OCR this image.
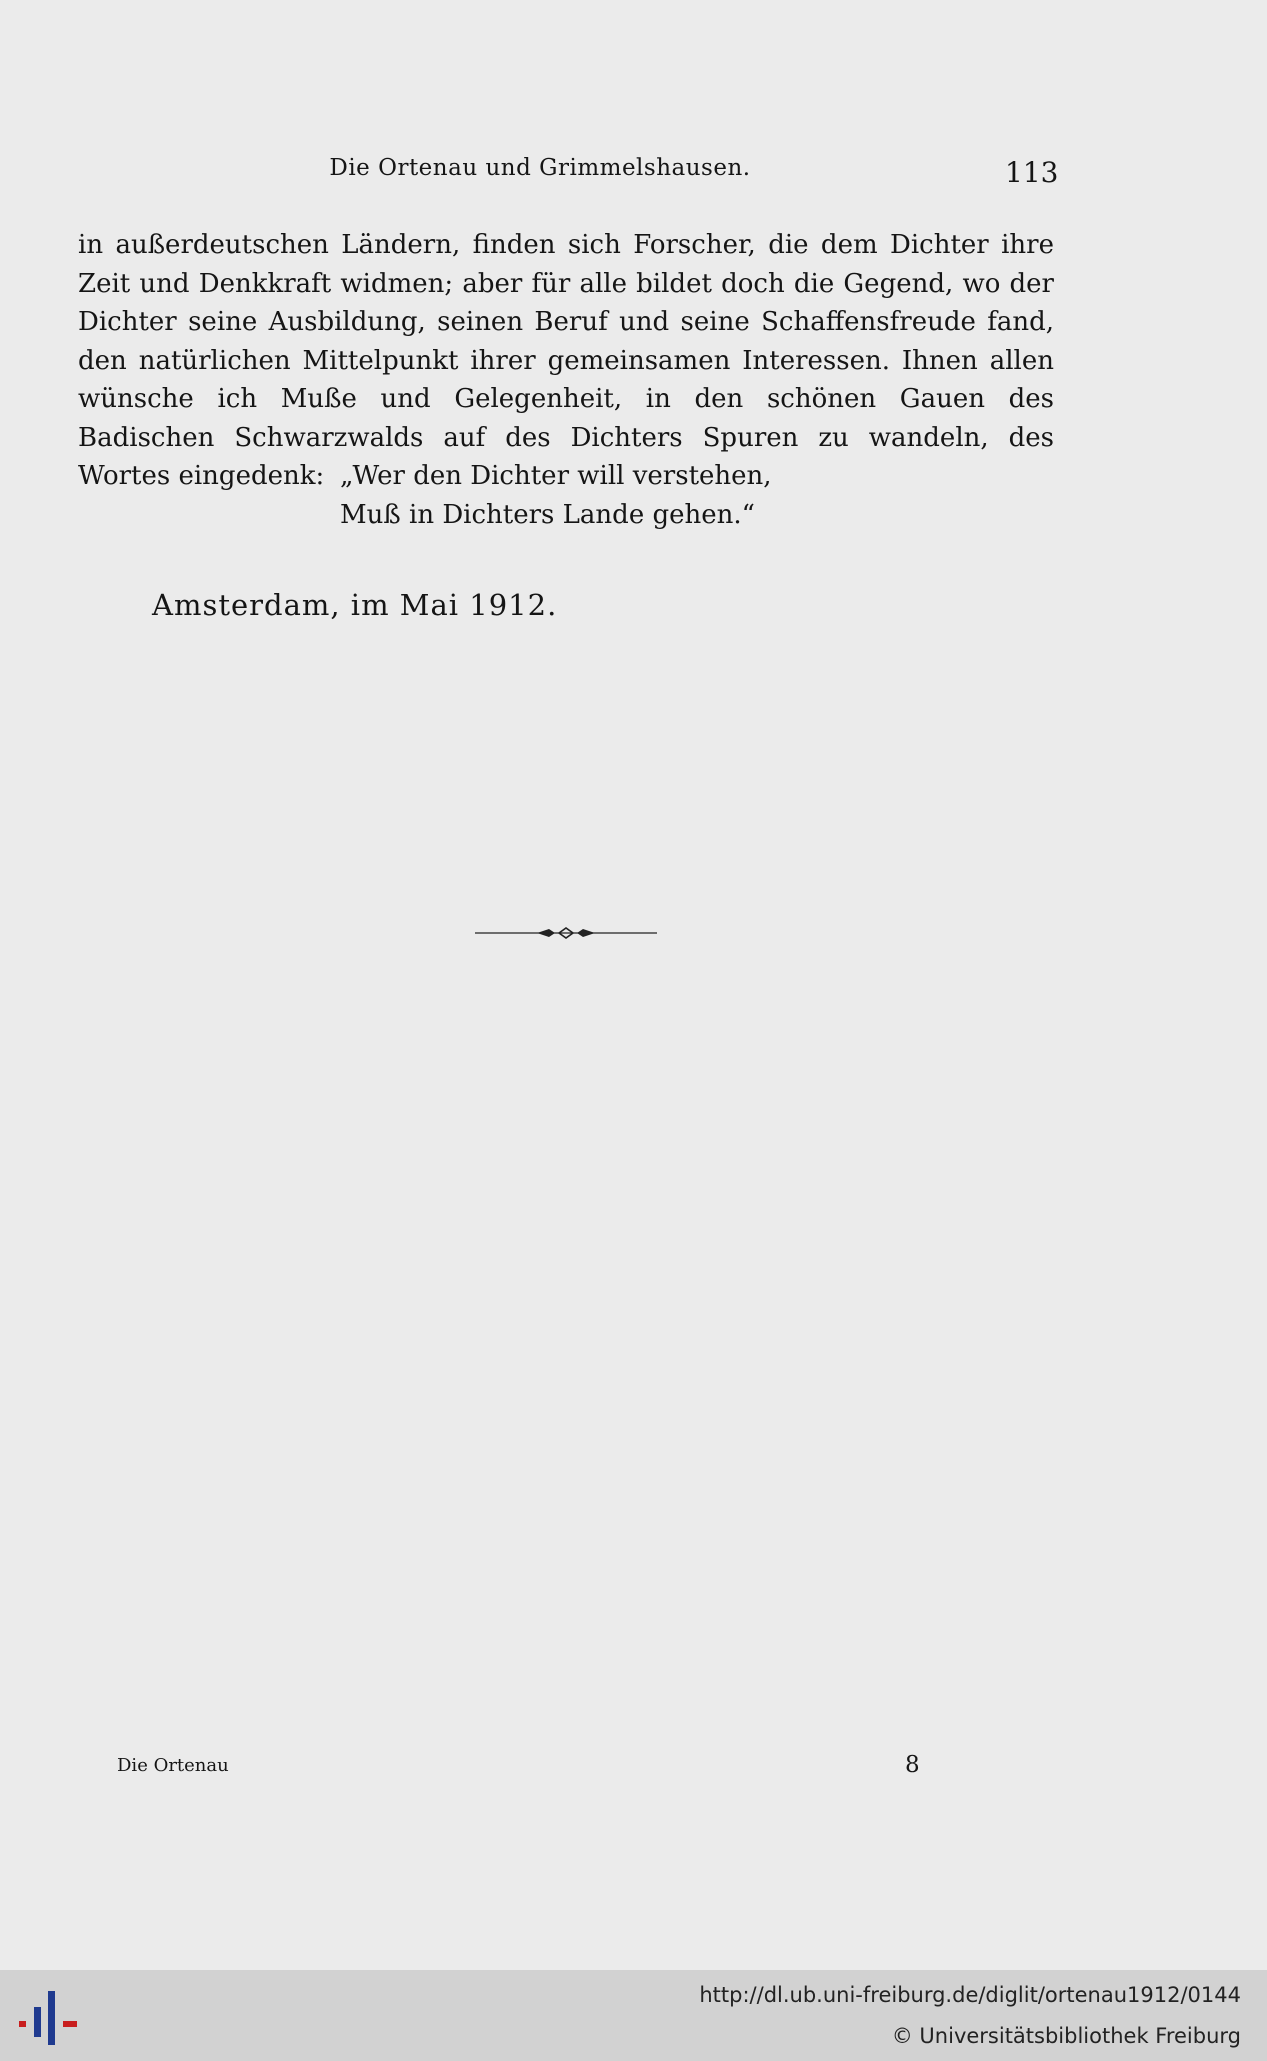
Die Ortenau und Grimmelshausen.	113

in außerdeutschen Ländern, finden sich Forscher, die dem Dichter ihre Zeit und Denkkraft widmen; aber für alle bildet doch die Gegend, wo der Dichter seine Ausbildung, seinen Beruf und seine Schaffensfreude fand, den natürlichen Mittelpunkt ihrer gemeinsamen Interessen. Ihnen allen wünsche ich Muße und Gelegenheit, in den schönen Gauen des Badischen Schwarzwalds auf des Dichters Spuren zu wandeln, des Wortes eingedenk: „Wer den Dichter will verstehen,
Muß in Dichters Lande gehen.“
Amsterdam, im Mai 1912.
Die Ortenau	8
http://dl.ub.uni-freiburg.de/diglit/ortenau1912/0144
© Universitätsbibliothek Freiburg
